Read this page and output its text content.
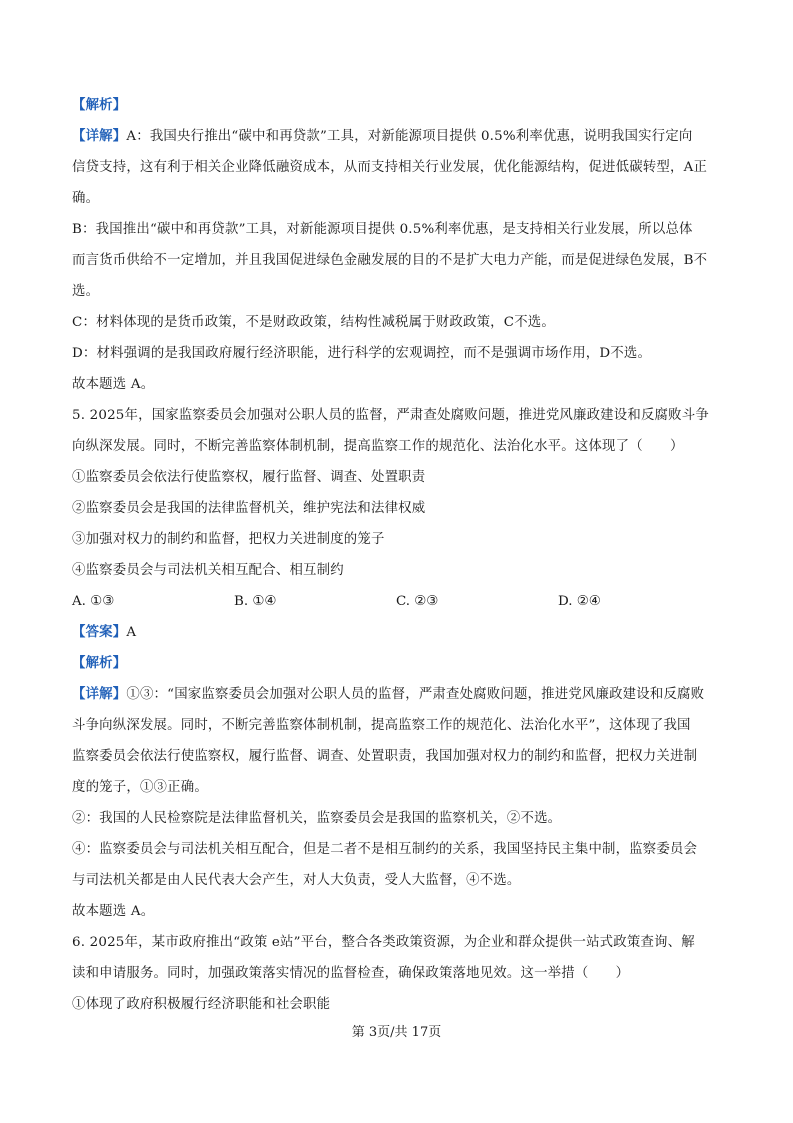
【解析】

【详解】A：我国央行推出“碳中和再贷款”工具，对新能源项目提供 0.5%利率优惠，说明我国实行定向

信贷支持，这有利于相关企业降低融资成本，从而支持相关行业发展，优化能源结构，促进低碳转型，A正

确。

B：我国推出“碳中和再贷款”工具，对新能源项目提供 0.5%利率优惠，是支持相关行业发展，所以总体

而言货币供给不一定增加，并且我国促进绿色金融发展的目的不是扩大电力产能，而是促进绿色发展，B不

选。

C：材料体现的是货币政策，不是财政政策，结构性减税属于财政政策，C不选。

D：材料强调的是我国政府履行经济职能，进行科学的宏观调控，而不是强调市场作用，D不选。

故本题选 A。

5. 2025年，国家监察委员会加强对公职人员的监督，严肃查处腐败问题，推进党风廉政建设和反腐败斗争

向纵深发展。同时，不断完善监察体制机制，提高监察工作的规范化、法治化水平。这体现了（　　）

①监察委员会依法行使监察权，履行监督、调查、处置职责

②监察委员会是我国的法律监督机关，维护宪法和法律权威

③加强对权力的制约和监督，把权力关进制度的笼子

④监察委员会与司法机关相互配合、相互制约

A. ①③	B. ①④	C. ②③	D. ②④

【答案】A

【解析】

【详解】①③：“国家监察委员会加强对公职人员的监督，严肃查处腐败问题，推进党风廉政建设和反腐败

斗争向纵深发展。同时，不断完善监察体制机制，提高监察工作的规范化、法治化水平”，这体现了我国

监察委员会依法行使监察权，履行监督、调查、处置职责，我国加强对权力的制约和监督，把权力关进制

度的笼子，①③正确。

②：我国的人民检察院是法律监督机关，监察委员会是我国的监察机关，②不选。

④：监察委员会与司法机关相互配合，但是二者不是相互制约的关系，我国坚持民主集中制，监察委员会

与司法机关都是由人民代表大会产生，对人大负责，受人大监督，④不选。

故本题选 A。

6. 2025年，某市政府推出“政策 e站”平台，整合各类政策资源，为企业和群众提供一站式政策查询、解

读和申请服务。同时，加强政策落实情况的监督检查，确保政策落地见效。这一举措（　　）

①体现了政府积极履行经济职能和社会职能

第 3页/共 17页
